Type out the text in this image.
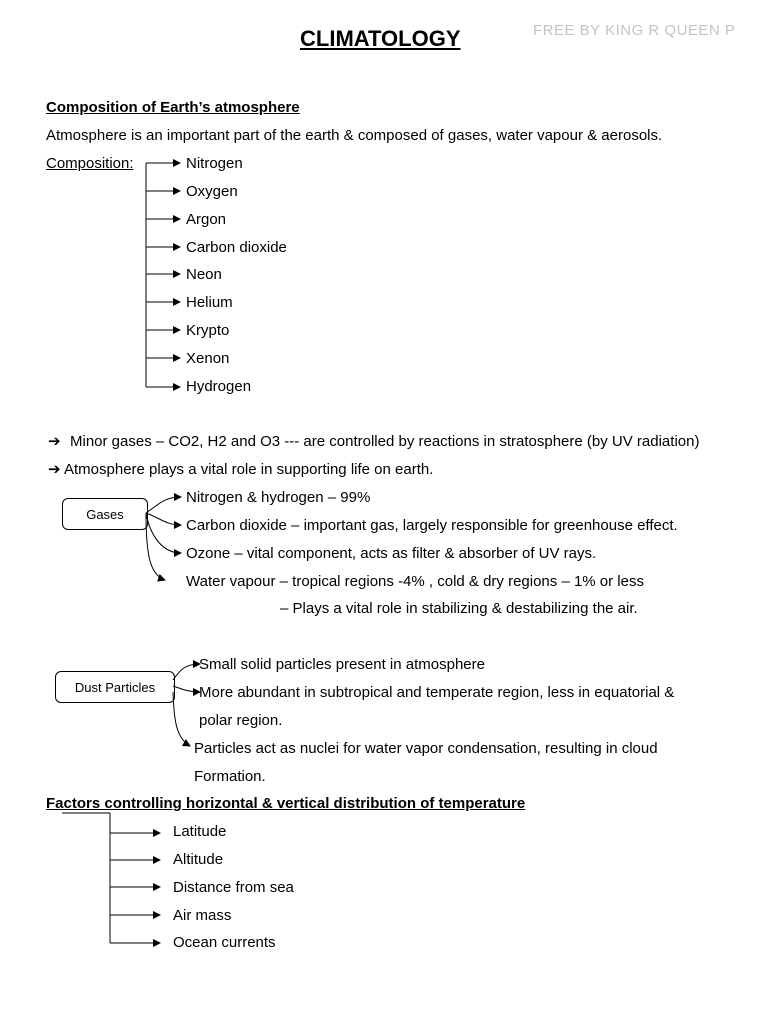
CLIMATOLOGY	FREE BY KING R QUEEN P
Composition of Earth’s atmosphere
Atmosphere is an important part of the earth & composed of gases, water vapour & aerosols.
Composition:	Nitrogen
Oxygen
Argon
Carbon dioxide
Neon
Helium
Krypto
Xenon
Hydrogen
➔ Minor gases – CO2, H2 and O3 --- are controlled by reactions in stratosphere (by UV radiation)
➔ Atmosphere plays a vital role in supporting life on earth.
Gases
Nitrogen & hydrogen – 99%
Carbon dioxide – important gas, largely responsible for greenhouse effect.
Ozone – vital component, acts as filter & absorber of UV rays.
Water vapour – tropical regions -4% , cold & dry regions – 1% or less
– Plays a vital role in stabilizing & destabilizing the air.
Dust Particles
Small solid particles present in atmosphere
More abundant in subtropical and temperate region, less in equatorial &
polar region.
Particles act as nuclei for water vapor condensation, resulting in cloud
Formation.
Factors controlling horizontal & vertical distribution of temperature
Latitude
Altitude
Distance from sea
Air mass
Ocean currents
